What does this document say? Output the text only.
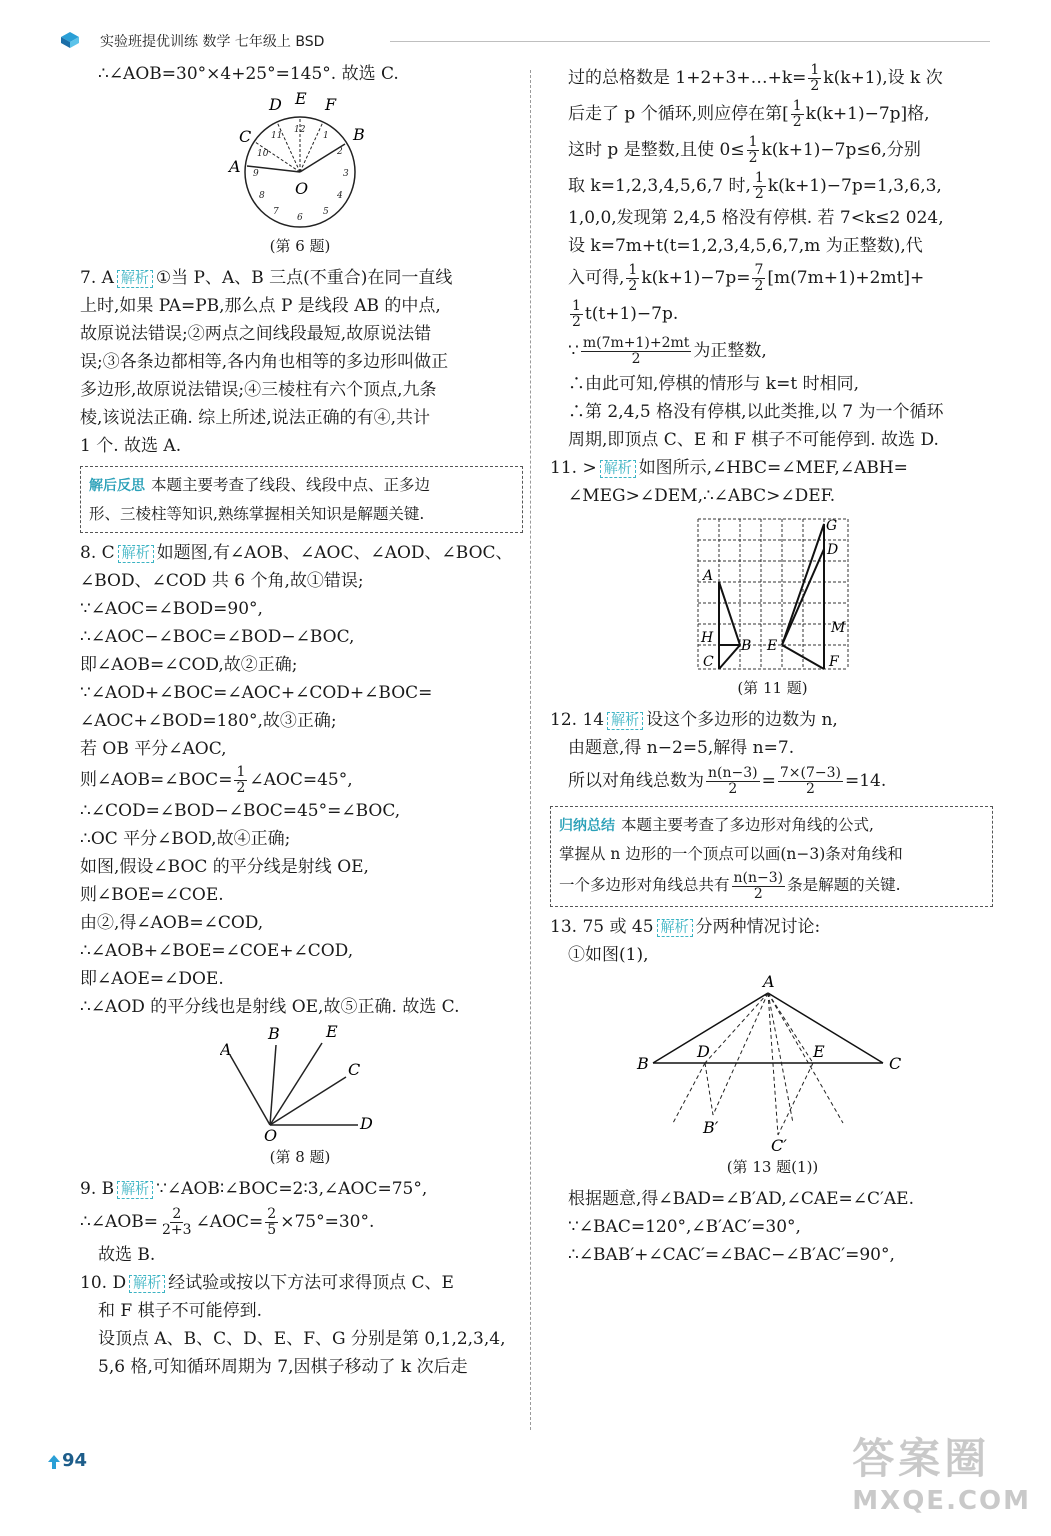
实验班提优训练 数学 七年级上 BSD

∴∠AOB=30°×4+25°=145°. 故选 C.

D E F
C	B
A
O
12
1
2
3
4
5
6
7
8
9
10
11

(第 6 题)

7. A 解析 ①当 P、A、B 三点(不重合)在同一直线

上时,如果 PA=PB,那么点 P 是线段 AB 的中点,

故原说法错误;②两点之间线段最短,故原说法错

误;③各条边都相等,各内角也相等的多边形叫做正

多边形,故原说法错误;④三棱柱有六个顶点,九条

棱,该说法正确. 综上所述,说法正确的有④,共计

1 个. 故选 A.

解后反思 本题主要考查了线段、线段中点、正多边

形、三棱柱等知识,熟练掌握相关知识是解题关键.

8. C 解析 如题图,有∠AOB、∠AOC、∠AOD、∠BOC、

∠BOD、∠COD 共 6 个角,故①错误;

∵∠AOC=∠BOD=90°,

∴∠AOC−∠BOC=∠BOD−∠BOC,

即∠AOB=∠COD,故②正确;

∵∠AOD+∠BOC=∠AOC+∠COD+∠BOC=

∠AOC+∠BOD=180°,故③正确;

若 OB 平分∠AOC,

则∠AOB=∠BOC= $\frac{1}{2}$ ∠AOC=45°,

∴∠COD=∠BOD−∠BOC=45°=∠BOC,

∴OC 平分∠BOD,故④正确;

如图,假设∠BOC 的平分线是射线 OE,

则∠BOE=∠COE.

由②,得∠AOB=∠COD,

∴∠AOB+∠BOE=∠COE+∠COD,

即∠AOE=∠DOE.

∴∠AOD 的平分线也是射线 OE,故⑤正确. 故选 C.

A
B	E
C
D
O

(第 8 题)

9. B 解析 ∵∠AOB∶∠BOC=2∶3,∠AOC=75°,

∴∠AOB= $\frac{2}{2+3}$ ∠AOC= $\frac{2}{5} \times 75^\circ=30^\circ$.

故选 B.

10. D 解析 经试验或按以下方法可求得顶点 C、E

和 F 棋子不可能停到.

设顶点 A、B、C、D、E、F、G 分别是第 0,1,2,3,4,

5,6 格,可知循环周期为 7,因棋子移动了 k 次后走

过的总格数是 1+2+3+…+k= $\frac{1}{2} k(k+1)$,设 k 次

后走了 p 个循环,则应停在第[ $\frac{1}{2} k(k+1)-7p$]格,

这时 p 是整数,且使 $0\le \frac{1}{2} k(k+1)-7p\le 6$,分别

取 k=1,2,3,4,5,6,7 时, $\frac{1}{2} k(k+1)-7p=1,3,6,3$,

1,0,0,发现第 2,4,5 格没有停棋. 若 7<k≤2 024,

设 k=7m+t(t=1,2,3,4,5,6,7,m 为正整数),代

入可得, $\frac{1}{2} k(k+1)-7p= \frac{7}{2} [m(7m+1)+2mt]+$

$\frac{1}{2} t(t+1)-7p$.

∵ $\frac{m(7m+1)+2mt}{2}$ 为正整数,

∴由此可知,停棋的情形与 k=t 时相同,

∴第 2,4,5 格没有停棋,以此类推,以 7 为一个循环

周期,即顶点 C、E 和 F 棋子不可能停到. 故选 D.

11. > 解析 如图所示,∠HBC=∠MEF,∠ABH=

∠MEG>∠DEM,∴∠ABC>∠DEF.

G
D
A
H B E
M
C	F

(第 11 题)

12. 14 解析 设这个多边形的边数为 n,

由题意,得 n−2=5,解得 n=7.

所以对角线总数为 $\frac{n(n-3)}{2} = \frac{7\times(7-3)}{2} =14$.

归纳总结 本题主要考查了多边形对角线的公式,

掌握从 n 边形的一个顶点可以画(n−3)条对角线和

一个多边形对角线总共有 $\frac{n(n-3)}{2}$ 条是解题的关键.

13. 75 或 45 解析 分两种情况讨论:

①如图(1),

A
B
D	E
C
B′
C′

(第 13 题(1))

根据题意,得∠BAD=∠B′AD,∠CAE=∠C′AE.

∵∠BAC=120°,∠B′AC′=30°,

∴∠BAB′+∠CAC′=∠BAC−∠B′AC′=90°,

94	答案圈
MXQE.COM
